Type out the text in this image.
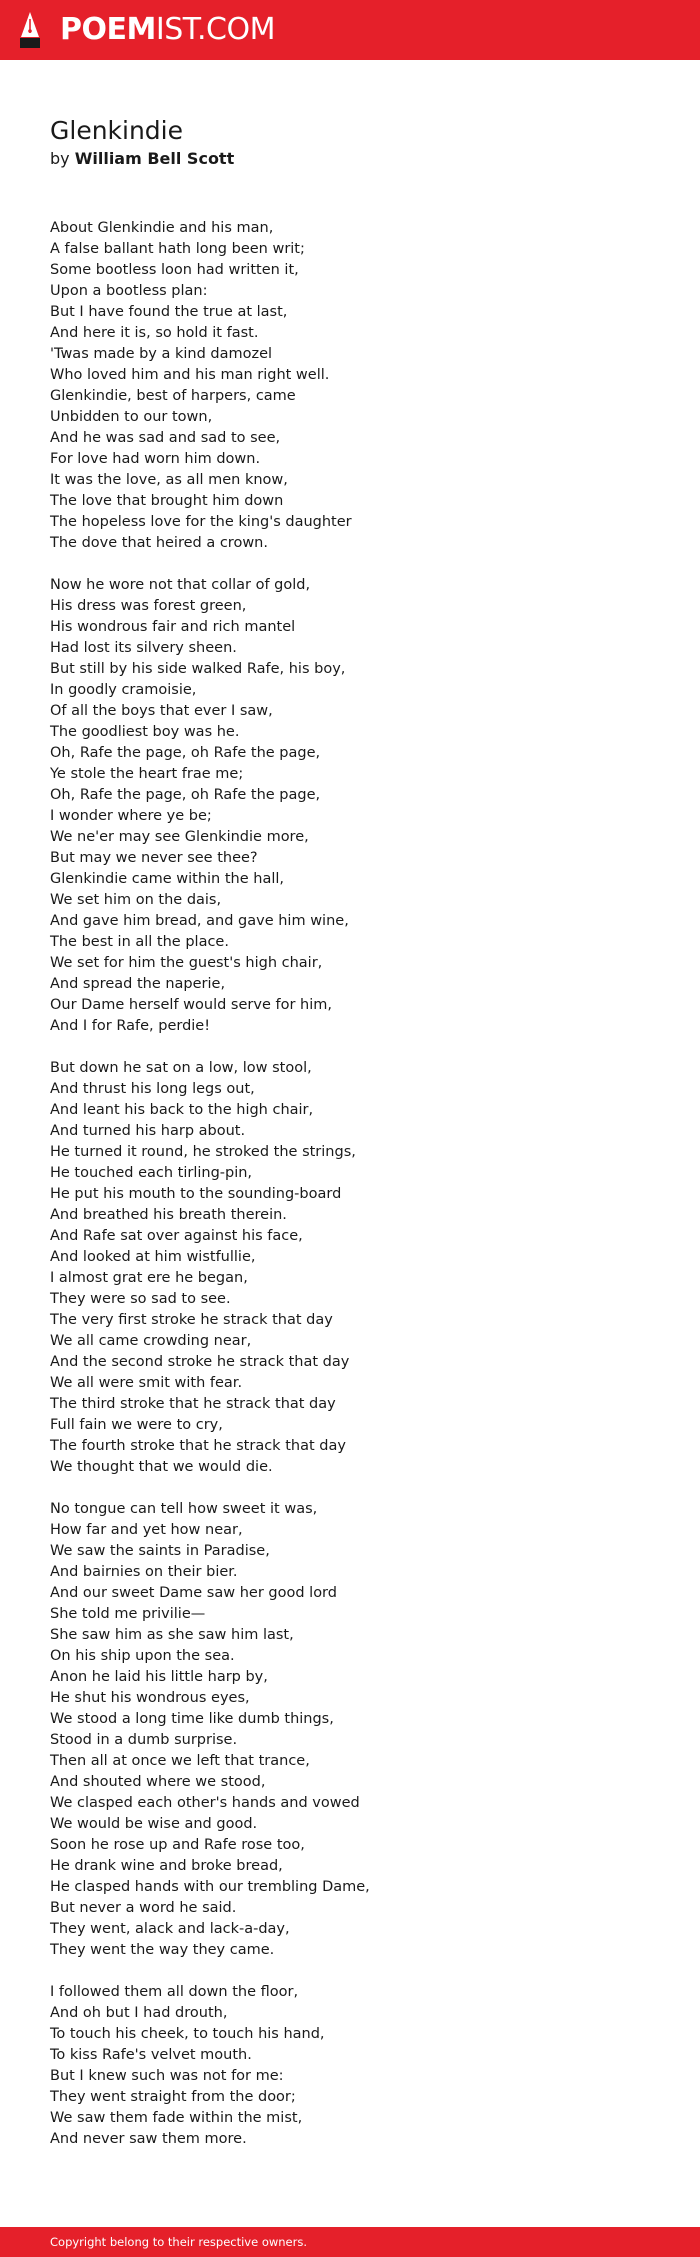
POEMIST.COM
Glenkindie
by William Bell Scott
About Glenkindie and his man,
A false ballant hath long been writ;
Some bootless loon had written it,
Upon a bootless plan:
But I have found the true at last,
And here it is, so hold it fast.
'Twas made by a kind damozel
Who loved him and his man right well.
Glenkindie, best of harpers, came
Unbidden to our town,
And he was sad and sad to see,
For love had worn him down.
It was the love, as all men know,
The love that brought him down
The hopeless love for the king's daughter
The dove that heired a crown.
Now he wore not that collar of gold,
His dress was forest green,
His wondrous fair and rich mantel
Had lost its silvery sheen.
But still by his side walked Rafe, his boy,
In goodly cramoisie,
Of all the boys that ever I saw,
The goodliest boy was he.
Oh, Rafe the page, oh Rafe the page,
Ye stole the heart frae me;
Oh, Rafe the page, oh Rafe the page,
I wonder where ye be;
We ne'er may see Glenkindie more,
But may we never see thee?
Glenkindie came within the hall,
We set him on the dais,
And gave him bread, and gave him wine,
The best in all the place.
We set for him the guest's high chair,
And spread the naperie,
Our Dame herself would serve for him,
And I for Rafe, perdie!
But down he sat on a low, low stool,
And thrust his long legs out,
And leant his back to the high chair,
And turned his harp about.
He turned it round, he stroked the strings,
He touched each tirling-pin,
He put his mouth to the sounding-board
And breathed his breath therein.
And Rafe sat over against his face,
And looked at him wistfullie,
I almost grat ere he began,
They were so sad to see.
The very first stroke he strack that day
We all came crowding near,
And the second stroke he strack that day
We all were smit with fear.
The third stroke that he strack that day
Full fain we were to cry,
The fourth stroke that he strack that day
We thought that we would die.
No tongue can tell how sweet it was,
How far and yet how near,
We saw the saints in Paradise,
And bairnies on their bier.
And our sweet Dame saw her good lord
She told me privilie—
She saw him as she saw him last,
On his ship upon the sea.
Anon he laid his little harp by,
He shut his wondrous eyes,
We stood a long time like dumb things,
Stood in a dumb surprise.
Then all at once we left that trance,
And shouted where we stood,
We clasped each other's hands and vowed
We would be wise and good.
Soon he rose up and Rafe rose too,
He drank wine and broke bread,
He clasped hands with our trembling Dame,
But never a word he said.
They went, alack and lack-a-day,
They went the way they came.
I followed them all down the floor,
And oh but I had drouth,
To touch his cheek, to touch his hand,
To kiss Rafe's velvet mouth.
But I knew such was not for me:
They went straight from the door;
We saw them fade within the mist,
And never saw them more.
Copyright belong to their respective owners.
